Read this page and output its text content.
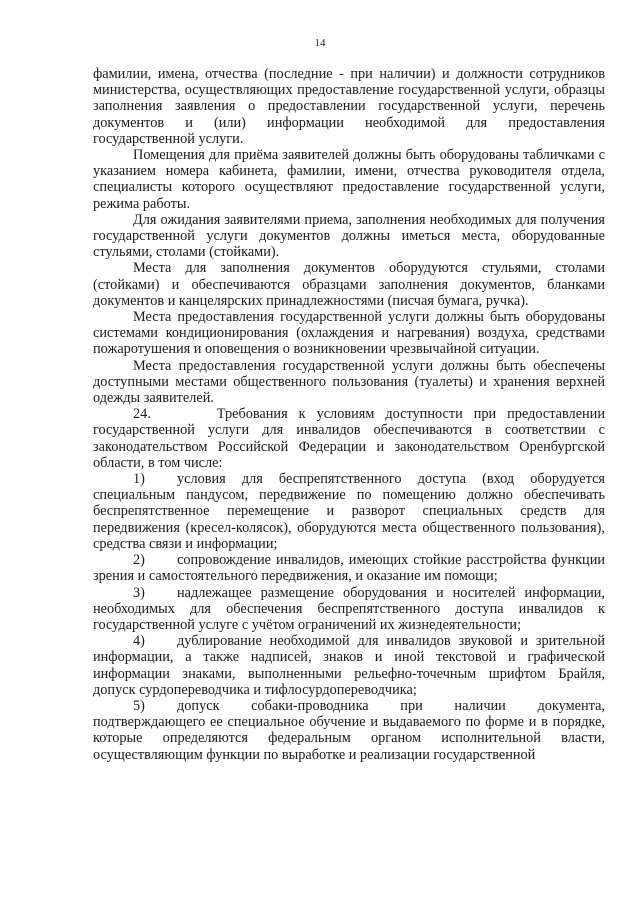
14

фамилии, имена, отчества (последние - при наличии) и должности сотрудников министерства, осуществляющих предоставление государственной услуги, образцы заполнения заявления о предоставлении государственной услуги, перечень документов и (или) информации необходимой для предоставления государственной услуги.

Помещения для приёма заявителей должны быть оборудованы табличками с указанием номера кабинета, фамилии, имени, отчества руководителя отдела, специалисты которого осуществляют предоставление государственной услуги, режима работы.

Для ожидания заявителями приема, заполнения необходимых для получения государственной услуги документов должны иметься места, оборудованные стульями, столами (стойками).

Места для заполнения документов оборудуются стульями, столами (стойками) и обеспечиваются образцами заполнения документов, бланками документов и канцелярских принадлежностями (писчая бумага, ручка).

Места предоставления государственной услуги должны быть оборудованы системами кондиционирования (охлаждения и нагревания) воздуха, средствами пожаротушения и оповещения о возникновении чрезвычайной ситуации.

Места предоставления государственной услуги должны быть обеспечены доступными местами общественного пользования (туалеты) и хранения верхней одежды заявителей.

24.      Требования к условиям доступности при предоставлении государственной услуги для инвалидов обеспечиваются в соответствии с законодательством Российской Федерации и законодательством Оренбургской области, в том числе:

1) условия для беспрепятственного доступа (вход оборудуется специальным пандусом, передвижение по помещению должно обеспечивать беспрепятственное перемещение и разворот специальных средств для передвижения (кресел-колясок), оборудуются места общественного пользования), средства связи и информации;

2) сопровождение инвалидов, имеющих стойкие расстройства функции зрения и самостоятельного передвижения, и оказание им помощи;

3) надлежащее размещение оборудования и носителей информации, необходимых для обеспечения беспрепятственного доступа инвалидов к государственной услуге с учётом ограничений их жизнедеятельности;

4) дублирование необходимой для инвалидов звуковой и зрительной информации, а также надписей, знаков и иной текстовой и графической информации знаками, выполненными рельефно-точечным шрифтом Брайля, допуск сурдопереводчика и тифлосурдопереводчика;

5) допуск собаки-проводника при наличии документа, подтверждающего ее специальное обучение и выдаваемого по форме и в порядке, которые определяются федеральным органом исполнительной власти, осуществляющим функции по выработке и реализации государственной
